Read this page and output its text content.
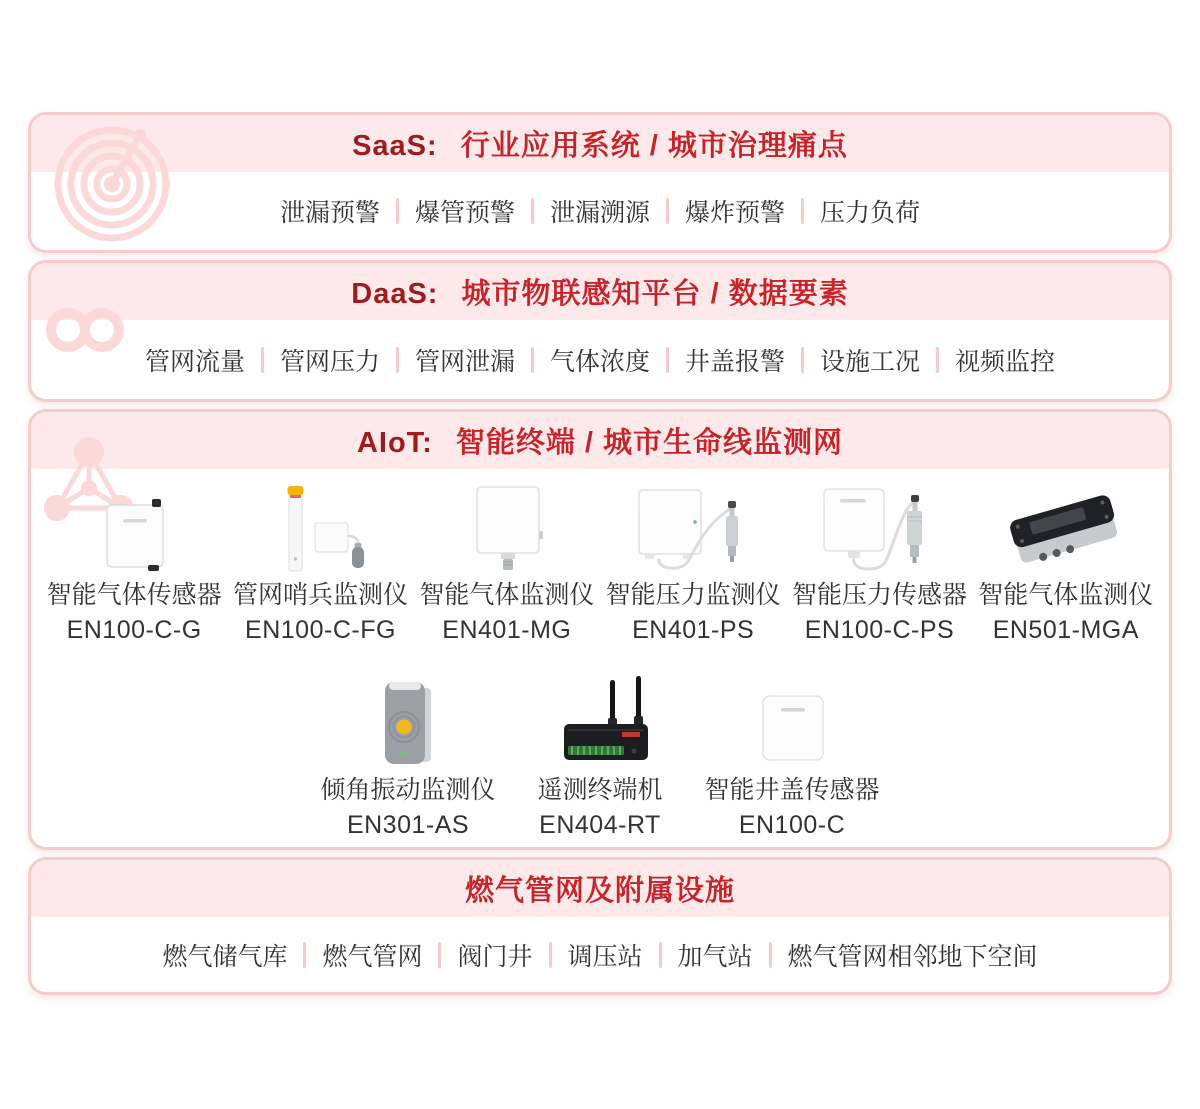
SaaS: 行业应用系统 / 城市治理痛点
泄漏预警 爆管预警 泄漏溯源 爆炸预警 压力负荷
DaaS: 城市物联感知平台 / 数据要素
管网流量 管网压力 管网泄漏 气体浓度 井盖报警 设施工况 视频监控
AIoT: 智能终端 / 城市生命线监测网
智能气体传感器
EN100-C-G
管网哨兵监测仪
EN100-C-FG
智能气体监测仪
EN401-MG
智能压力监测仪
EN401-PS
智能压力传感器
EN100-C-PS
智能气体监测仪
EN501-MGA
倾角振动监测仪
EN301-AS
遥测终端机
EN404-RT
智能井盖传感器
EN100-C
燃气管网及附属设施
燃气储气库 燃气管网 阀门井 调压站 加气站 燃气管网相邻地下空间
